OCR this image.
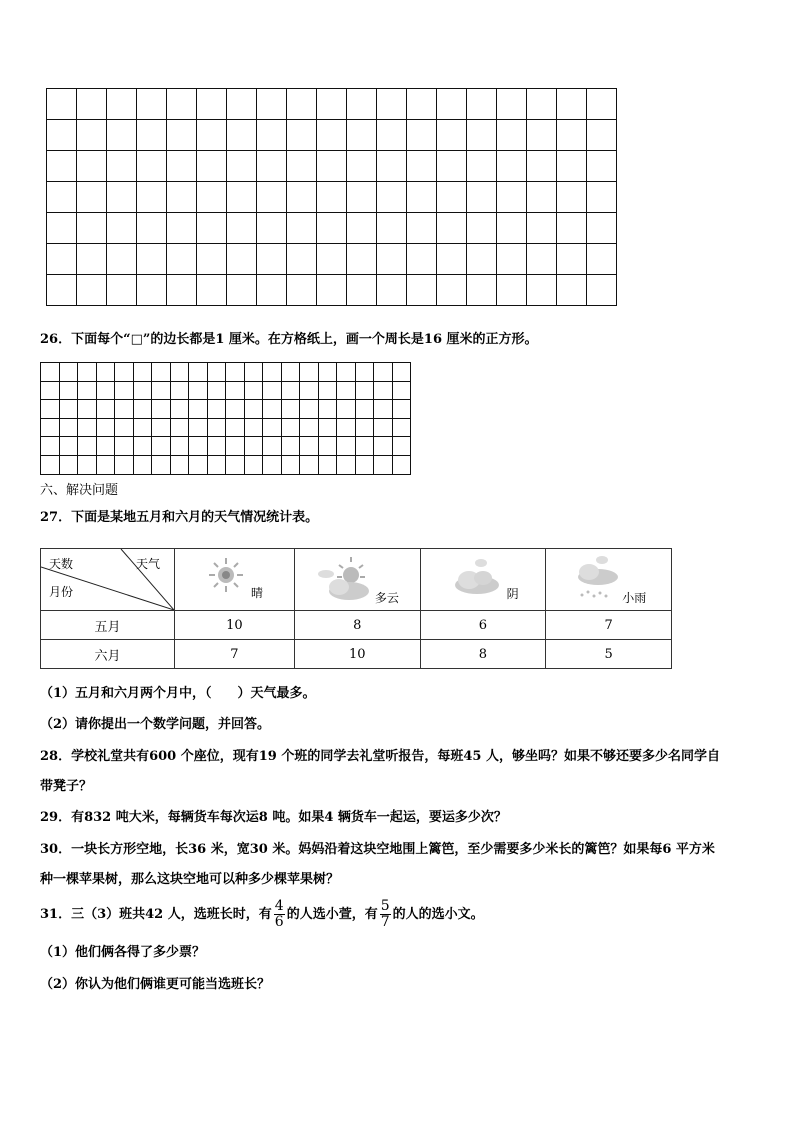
26．下面每个“□”的边长都是1 厘米。在方格纸上，画一个周长是16 厘米的正方形。

六、解决问题
27．下面是某地五月和六月的天气情况统计表。
天数 天气
月份	晴	多云	阴	小雨

五月	10	8	6	7
六月	7	10	8	5
（1）五月和六月两个月中，（　　）天气最多。
（2）请你提出一个数学问题，并回答。
28．学校礼堂共有600 个座位，现有19 个班的同学去礼堂听报告，每班45 人，够坐吗？如果不够还要多少名同学自
带凳子？
29．有832 吨大米，每辆货车每次运8 吨。如果4 辆货车一起运，要运多少次？
30．一块长方形空地，长36 米，宽30 米。妈妈沿着这块空地围上篱笆，至少需要多少米长的篱笆？如果每6 平方米
种一棵苹果树，那么这块空地可以种多少棵苹果树？
31．三（3）班共42 人，选班长时，有 $\frac{4}{6}$ 的人选小萱，有 $\frac{5}{7}$ 的人的选小文。
（1）他们俩各得了多少票？
（2）你认为他们俩谁更可能当选班长？
